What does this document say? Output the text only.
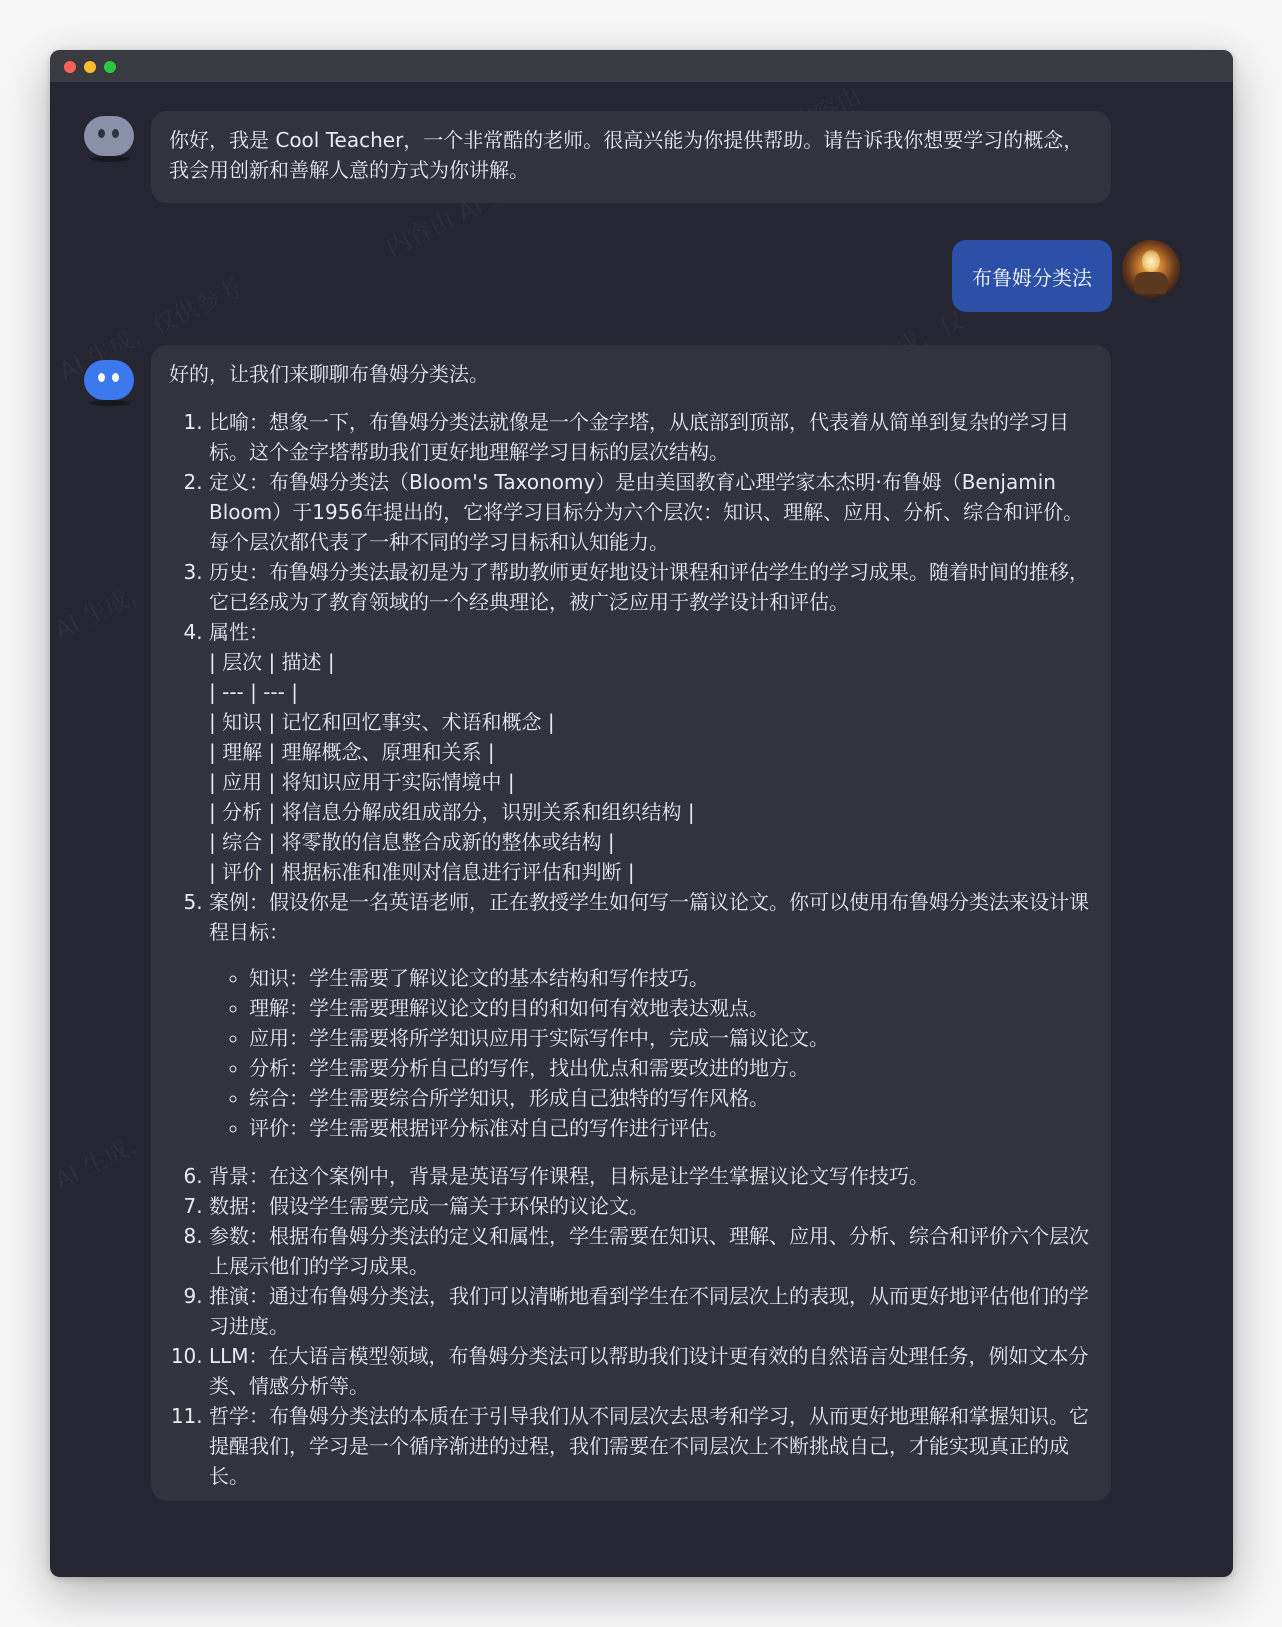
你好，我是 Cool Teacher，一个非常酷的老师。很高兴能为你提供帮助。请告诉我你想要学习的概念，我会用创新和善解人意的方式为你讲解。
布鲁姆分类法

好的，让我们来聊聊布鲁姆分类法。

1. 比喻：想象一下，布鲁姆分类法就像是一个金字塔，从底部到顶部，代表着从简单到复杂的学习目标。这个金字塔帮助我们更好地理解学习目标的层次结构。
2. 定义：布鲁姆分类法（Bloom's Taxonomy）是由美国教育心理学家本杰明·布鲁姆（Benjamin Bloom）于1956年提出的，它将学习目标分为六个层次：知识、理解、应用、分析、综合和评价。每个层次都代表了一种不同的学习目标和认知能力。
3. 历史：布鲁姆分类法最初是为了帮助教师更好地设计课程和评估学生的学习成果。随着时间的推移，它已经成为了教育领域的一个经典理论，被广泛应用于教学设计和评估。
4. 属性：
| 层次 | 描述 |
| --- | --- |
| 知识 | 记忆和回忆事实、术语和概念 |
| 理解 | 理解概念、原理和关系 |
| 应用 | 将知识应用于实际情境中 |
| 分析 | 将信息分解成组成部分，识别关系和组织结构 |
| 综合 | 将零散的信息整合成新的整体或结构 |
| 评价 | 根据标准和准则对信息进行评估和判断 |
5. 案例：假设你是一名英语老师，正在教授学生如何写一篇议论文。你可以使用布鲁姆分类法来设计课程目标：
◦ 知识：学生需要了解议论文的基本结构和写作技巧。
◦ 理解：学生需要理解议论文的目的和如何有效地表达观点。
◦ 应用：学生需要将所学知识应用于实际写作中，完成一篇议论文。
◦ 分析：学生需要分析自己的写作，找出优点和需要改进的地方。
◦ 综合：学生需要综合所学知识，形成自己独特的写作风格。
◦ 评价：学生需要根据评分标准对自己的写作进行评估。
6. 背景：在这个案例中，背景是英语写作课程，目标是让学生掌握议论文写作技巧。
7. 数据：假设学生需要完成一篇关于环保的议论文。
8. 参数：根据布鲁姆分类法的定义和属性，学生需要在知识、理解、应用、分析、综合和评价六个层次上展示他们的学习成果。
9. 推演：通过布鲁姆分类法，我们可以清晰地看到学生在不同层次上的表现，从而更好地评估他们的学习进度。
10. LLM：在大语言模型领域，布鲁姆分类法可以帮助我们设计更有效的自然语言处理任务，例如文本分类、情感分析等。
11. 哲学：布鲁姆分类法的本质在于引导我们从不同层次去思考和学习，从而更好地理解和掌握知识。它提醒我们，学习是一个循序渐进的过程，我们需要在不同层次上不断挑战自己，才能实现真正的成长。
